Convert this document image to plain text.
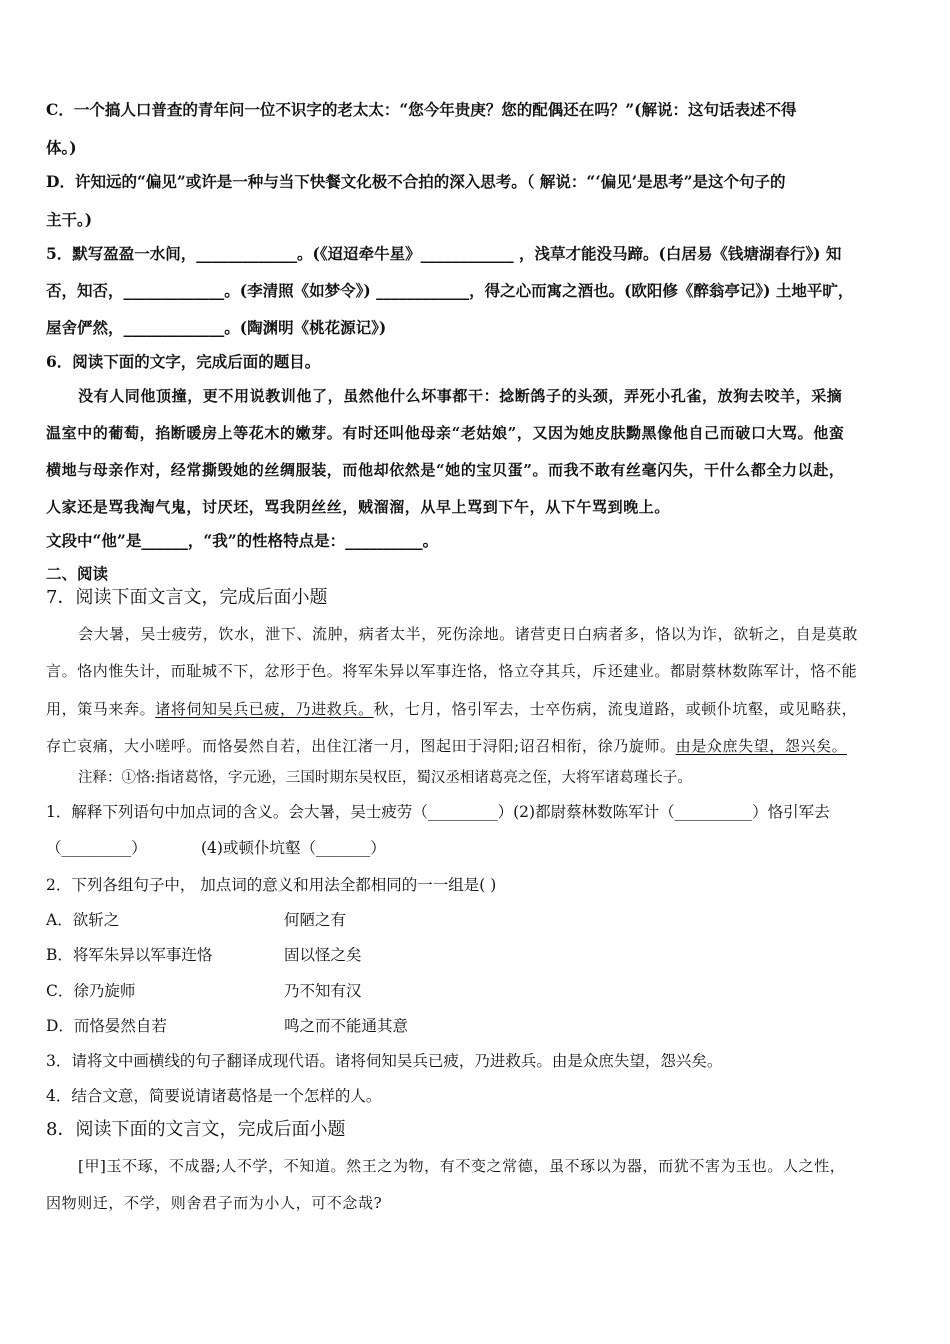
C．一个搞人口普查的青年问一位不识字的老太太：“您今年贵庚？您的配偶还在吗？”(解说：这句话表述不得
体。)
D．许知远的“偏见”或许是一种与当下快餐文化极不合拍的深入思考。（ 解说：“‘偏见’是思考”是这个句子的
主干。)
5．默写盈盈一水间，_____________。(《迢迢牵牛星》____________ ，浅草才能没马蹄。(白居易《钱塘湖春行》) 知
否，知否，_____________。(李清照《如梦令》) ____________，得之心而寓之酒也。(欧阳修《醉翁亭记》) 土地平旷，
屋舍俨然，_____________。(陶渊明《桃花源记》)
6．阅读下面的文字，完成后面的题目。
没有人同他顶撞，更不用说教训他了，虽然他什么坏事都干：捻断鸽子的头颈，弄死小孔雀，放狗去咬羊，采摘
温室中的葡萄，掐断暖房上等花木的嫩芽。有时还叫他母亲“老姑娘”，又因为她皮肤黝黑像他自己而破口大骂。他蛮
横地与母亲作对，经常撕毁她的丝绸服装，而他却依然是“她的宝贝蛋”。而我不敢有丝毫闪失，干什么都全力以赴，
人家还是骂我淘气鬼，讨厌坯，骂我阴丝丝，贼溜溜，从早上骂到下午，从下午骂到晚上。
文段中“他”是______，“我”的性格特点是：__________。
二、阅读
7．阅读下面文言文，完成后面小题
会大暑，吴士疲劳，饮水，泄下、流肿，病者太半，死伤涂地。诸营吏日白病者多，恪以为诈，欲斩之，自是莫敢
言。恪内惟失计，而耻城不下，忿形于色。将军朱异以军事迕恪，恪立夺其兵，斥还建业。都尉蔡林数陈军计，恪不能
用，策马来奔。诸将伺知吴兵已疲，乃进救兵。秋，七月，恪引军去，士卒伤病，流曳道路，或顿仆坑壑，或见略获，
存亡哀痛，大小嗟呼。而恪晏然自若，出住江渚一月，图起田于浔阳;诏召相衔，徐乃旋师。由是众庶失望，怨兴矣。
注释：①恪:指诸葛恪，字元逊，三国时期东吴权臣，蜀汉丞相诸葛亮之侄，大将军诸葛瑾长子。
1．解释下列语句中加点词的含义。会大暑，吴士疲劳（_________）(2)都尉蔡林数陈军计（__________）恪引军去
（_________）　　　　(4)或顿仆坑壑（_______）
2．下列各组句子中， 加点词的意义和用法全都相同的一一组是( )
A．欲斩之	何陋之有
B．将军朱异以军事迕恪	固以怪之矣
C．徐乃旋师	乃不知有汉
D．而恪晏然自若	鸣之而不能通其意
3．请将文中画横线的句子翻译成现代语。诸将伺知吴兵已疲，乃进救兵。由是众庶失望，怨兴矣。
4．结合文意，简要说请诸葛恪是一个怎样的人。
8．阅读下面的文言文，完成后面小题
[甲]玉不琢，不成器;人不学，不知道。然王之为物，有不变之常德，虽不琢以为器，而犹不害为玉也。人之性，
因物则迁，不学，则舍君子而为小人，可不念哉?
